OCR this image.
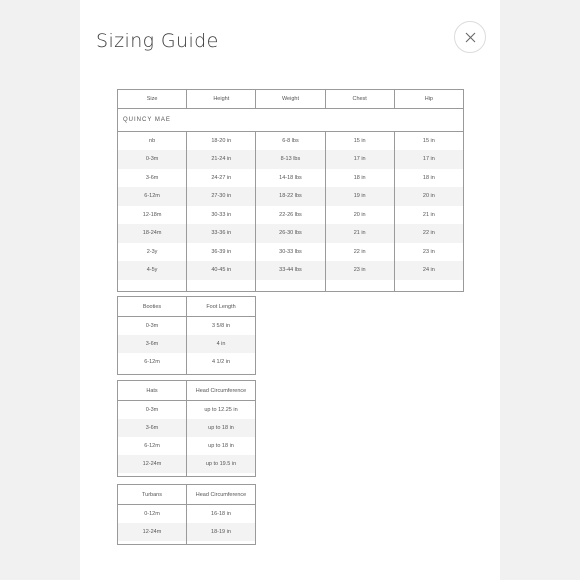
Sizing Guide
QUINCY MAE				
Size	Height	Weight	Chest	Hip
nb	18-20 in	6-8 lbs	15 in	15 in
0-3m	21-24 in	8-13 lbs	17 in	17 in
3-6m	24-27 in	14-18 lbs	18 in	18 in
6-12m	27-30 in	18-22 lbs	19 in	20 in
12-18m	30-33 in	22-26 lbs	20 in	21 in
18-24m	33-36 in	26-30 lbs	21 in	22 in
2-3y	36-39 in	30-33 lbs	22 in	23 in
4-5y	40-45 in	33-44 lbs	23 in	24 in

Booties	Foot Length
0-3m	3 5/8 in
3-6m	4 in
6-12m	4 1/2 in

Hats	Head Circumference
0-3m	up to 12.25 in
3-6m	up to 18 in
6-12m	up to 18 in
12-24m	up to 19.5 in

Turbans	Head Circumference
0-12m	16-18 in
12-24m	18-19 in
